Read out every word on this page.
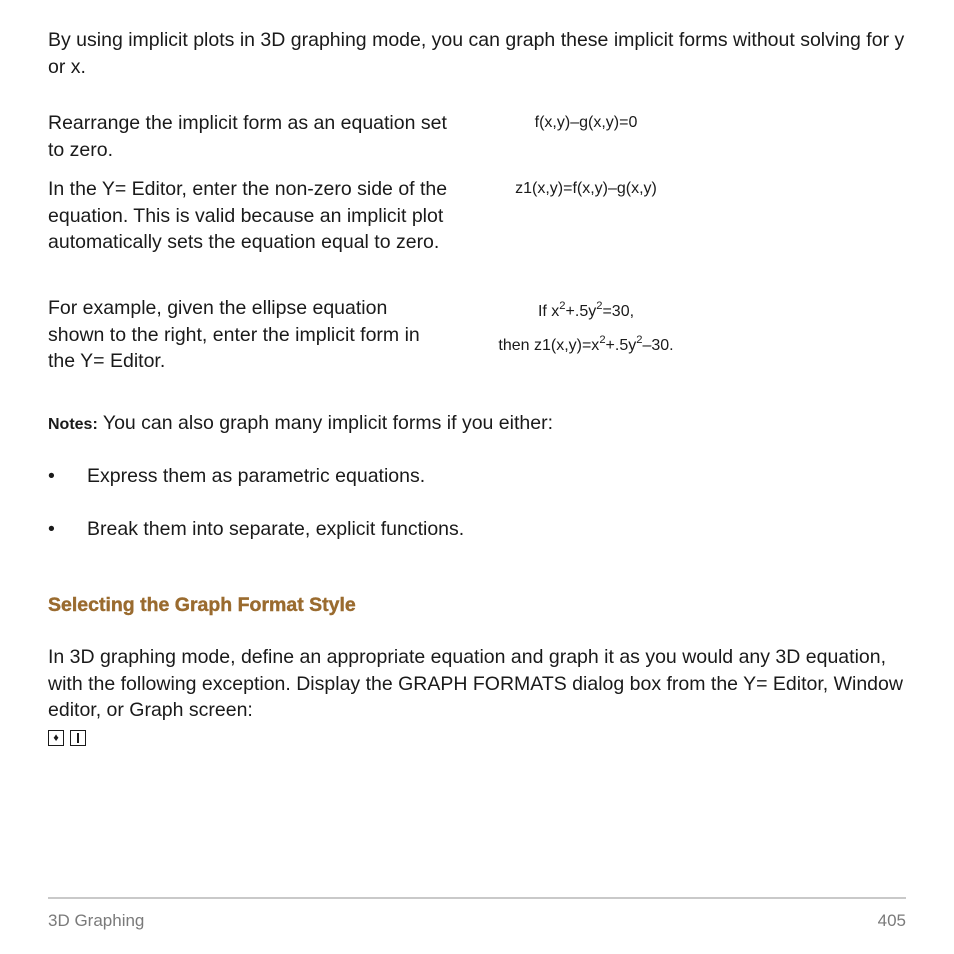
By using implicit plots in 3D graphing mode, you can graph these implicit forms without solving for y or x.

Rearrange the implicit form as an equation set to zero.

f(x,y)–g(x,y)=0

In the Y= Editor, enter the non-zero side of the equation. This is valid because an implicit plot automatically sets the equation equal to zero.

z1(x,y)=f(x,y)–g(x,y)

For example, given the ellipse equation shown to the right, enter the implicit form in the Y= Editor.

If $x^2+.5y^2=30$,
then $z1(x,y)=x^2+.5y^2-30$.

Notes: You can also graph many implicit forms if you either:

• Express them as parametric equations.
• Break them into separate, explicit functions.
Selecting the Graph Format Style

In 3D graphing mode, define an appropriate equation and graph it as you would any 3D equation, with the following exception. Display the GRAPH FORMATS dialog box from the Y= Editor, Window editor, or Graph screen:

♦
3D Graphing	405
